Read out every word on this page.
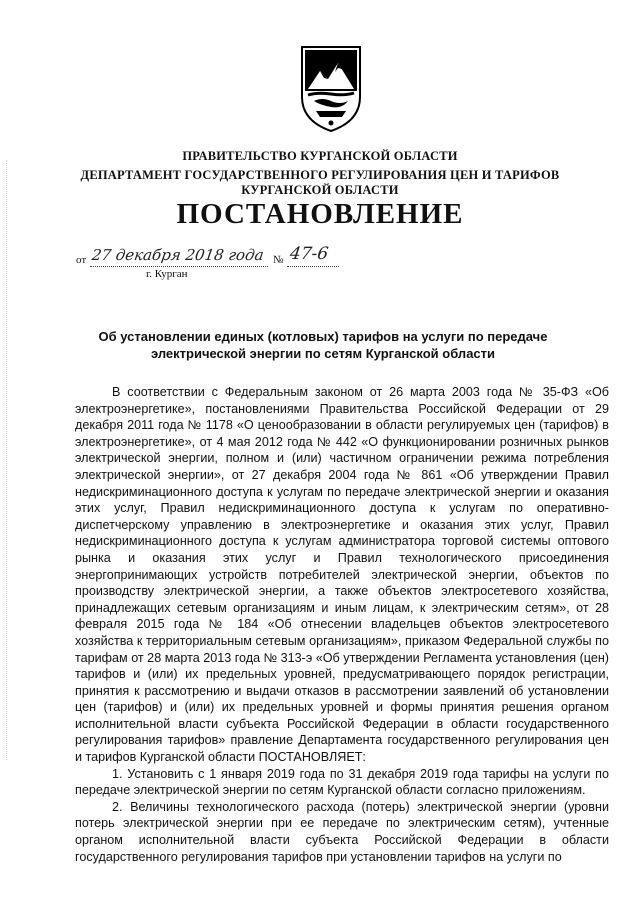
ПРАВИТЕЛЬСТВО КУРГАНСКОЙ ОБЛАСТИ
ДЕПАРТАМЕНТ ГОСУДАРСТВЕННОГО РЕГУЛИРОВАНИЯ ЦЕН И ТАРИФОВ
КУРГАНСКОЙ ОБЛАСТИ
ПОСТАНОВЛЕНИЕ
от 27 декабря 2018 года № 47-6
г. Курган
Об установлении единых (котловых) тарифов на услуги по передаче
электрической энергии по сетям Курганской области

В соответствии с Федеральным законом от 26 марта 2003 года № 35-ФЗ «Об электроэнергетике», постановлениями Правительства Российской Федерации от 29 декабря 2011 года № 1178 «О ценообразовании в области регулируемых цен (тарифов) в электроэнергетике», от 4 мая 2012 года № 442 «О функционировании розничных рынков электрической энергии, полном и (или) частичном ограничении режима потребления электрической энергии», от 27 декабря 2004 года № 861 «Об утверждении Правил недискриминационного доступа к услугам по передаче электрической энергии и оказания этих услуг, Правил недискриминационного доступа к услугам по оперативно-диспетчерскому управлению в электроэнергетике и оказания этих услуг, Правил недискриминационного доступа к услугам администратора торговой системы оптового рынка и оказания этих услуг и Правил технологического присоединения энергопринимающих устройств потребителей электрической энергии, объектов по производству электрической энергии, а также объектов электросетевого хозяйства, принадлежащих сетевым организациям и иным лицам, к электрическим сетям», от 28 февраля 2015 года № 184 «Об отнесении владельцев объектов электросетевого хозяйства к территориальным сетевым организациям», приказом Федеральной службы по тарифам от 28 марта 2013 года № 313-э «Об утверждении Регламента установления (цен) тарифов и (или) их предельных уровней, предусматривающего порядок регистрации, принятия к рассмотрению и выдачи отказов в рассмотрении заявлений об установлении цен (тарифов) и (или) их предельных уровней и формы принятия решения органом исполнительной власти субъекта Российской Федерации в области государственного регулирования тарифов» правление Департамента государственного регулирования цен и тарифов Курганской области ПОСТАНОВЛЯЕТ:

1. Установить с 1 января 2019 года по 31 декабря 2019 года тарифы на услуги по передаче электрической энергии по сетям Курганской области согласно приложениям.

2. Величины технологического расхода (потерь) электрической энергии (уровни потерь электрической энергии при ее передаче по электрическим сетям), учтенные органом исполнительной власти субъекта Российской Федерации в области государственного регулирования тарифов при установлении тарифов на услуги по
